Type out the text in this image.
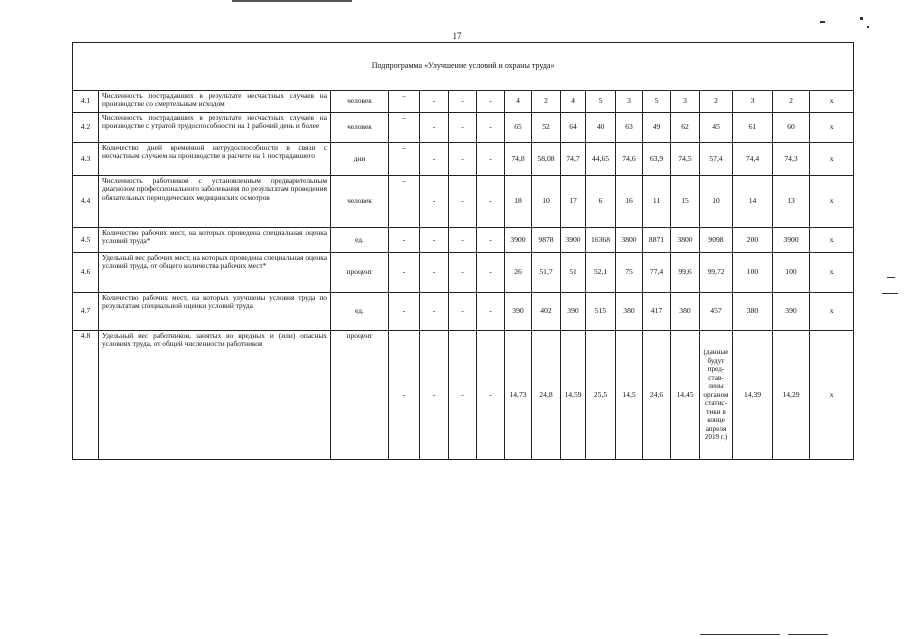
17
Подпрограмма «Улучшение условий и охраны труда»																	
4.1	Численность пострадавших в результате несчастных случаев на производстве со смертельным исходом	человек	–	-	-	-	4	2	4	5	3	5	3	2	3	2	x
4.2	Численность пострадавших в результате несчастных случаев на производстве с утратой трудоспособности на 1 рабочий день и более	человек	–	-	-	-	65	52	64	40	63	49	62	45	61	60	x
4.3	Количество дней временной нетрудоспособности в связи с несчастным случаем на производстве в расчете на 1 пострадавшего	дни	–	-	-	-	74,8	58,08	74,7	44,65	74,6	63,9	74,5	57,4	74,4	74,3	x
4.4	Численность работников с установленным предварительным диагнозом профессионального заболевания по результатам проведения обязательных периодических медицинских осмотров	человек	–	-	-	-	18	10	17	6	16	11	15	10	14	13	x
4.5	Количество рабочих мест, на которых проведена специальная оценка условий труда*	ед.	-	-	-	-	3900	9878	3900	16368	3800	8871	3800	9098	200	3900	x
4.6	Удельный вес рабочих мест, на которых проведена специальная оценка условий труда, от общего количества рабочих мест*	процент	-	-	-	-	26	51,7	51	52,1	75	77,4	99,6	99,72	100	100	x
4.7	Количество рабочих мест, на которых улучшены условия труда по результатам специальной оценки условий труда	ед.	-	-	-	-	390	402	390	515	380	417	380	457	380	390	x
4.8	Удельный вес работников, занятых во вредных и (или) опасных условиях труда, от общей численности работников	процент	-	-	-	-	14,73	24,8	14,59	25,5	14,5	24,6	14,45	(данные будут пред-став-лены органом статис-тики в конце апреля 2019 г.)	14,39	14,29	x
